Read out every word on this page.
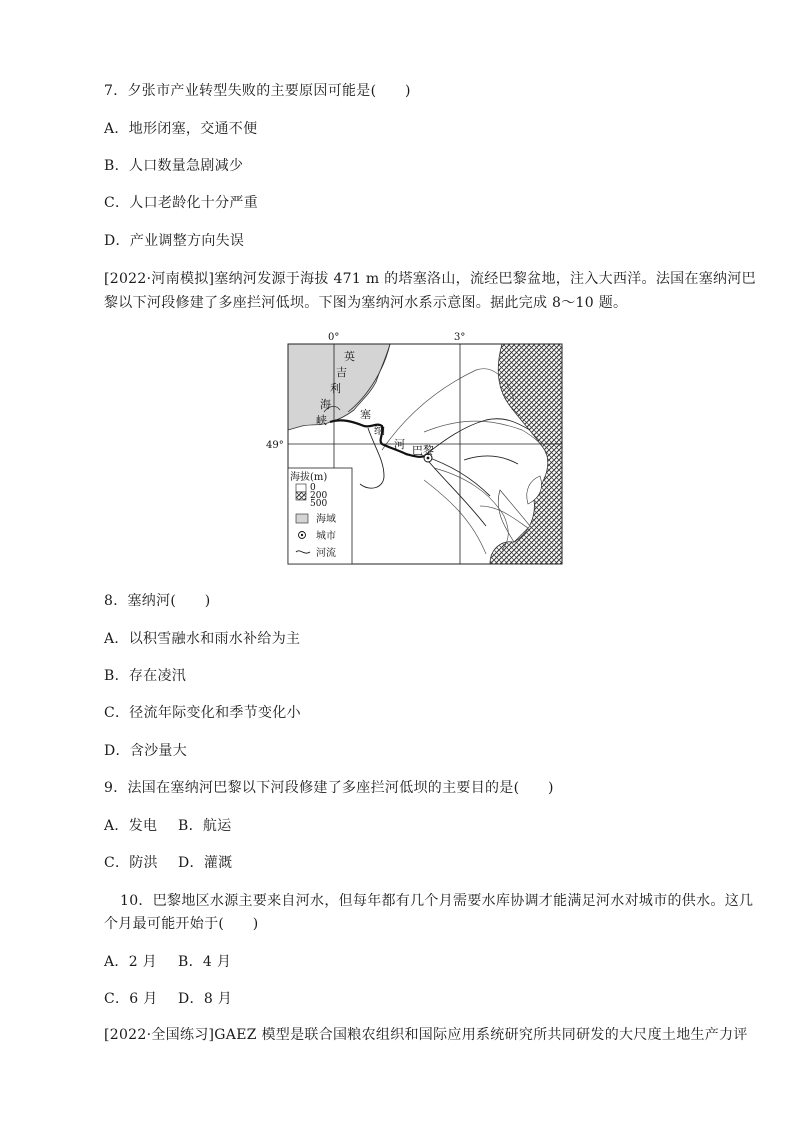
7．夕张市产业转型失败的主要原因可能是(　　)
A．地形闭塞，交通不便
B．人口数量急剧减少
C．人口老龄化十分严重
D．产业调整方向失误
[2022·河南模拟]塞纳河发源于海拔 471 m 的塔塞洛山，流经巴黎盆地，注入大西洋。法国在塞纳河巴
黎以下河段修建了多座拦河低坝。下图为塞纳河水系示意图。据此完成 8～10 题。
0°	3°
49°
英
吉
利
海
峡	塞
纳
河 巴黎
海拔(m)
0
200
500
海域
城市
河流
8．塞纳河(　　)
A．以积雪融水和雨水补给为主
B．存在凌汛
C．径流年际变化和季节变化小
D．含沙量大
9．法国在塞纳河巴黎以下河段修建了多座拦河低坝的主要目的是(　　)
A．发电 B．航运
C．防洪 D．灌溉
10．巴黎地区水源主要来自河水，但每年都有几个月需要水库协调才能满足河水对城市的供水。这几
个月最可能开始于(　　)
A．2 月 B．4 月
C．6 月 D．8 月
[2022·全国练习]GAEZ 模型是联合国粮农组织和国际应用系统研究所共同研发的大尺度土地生产力评
